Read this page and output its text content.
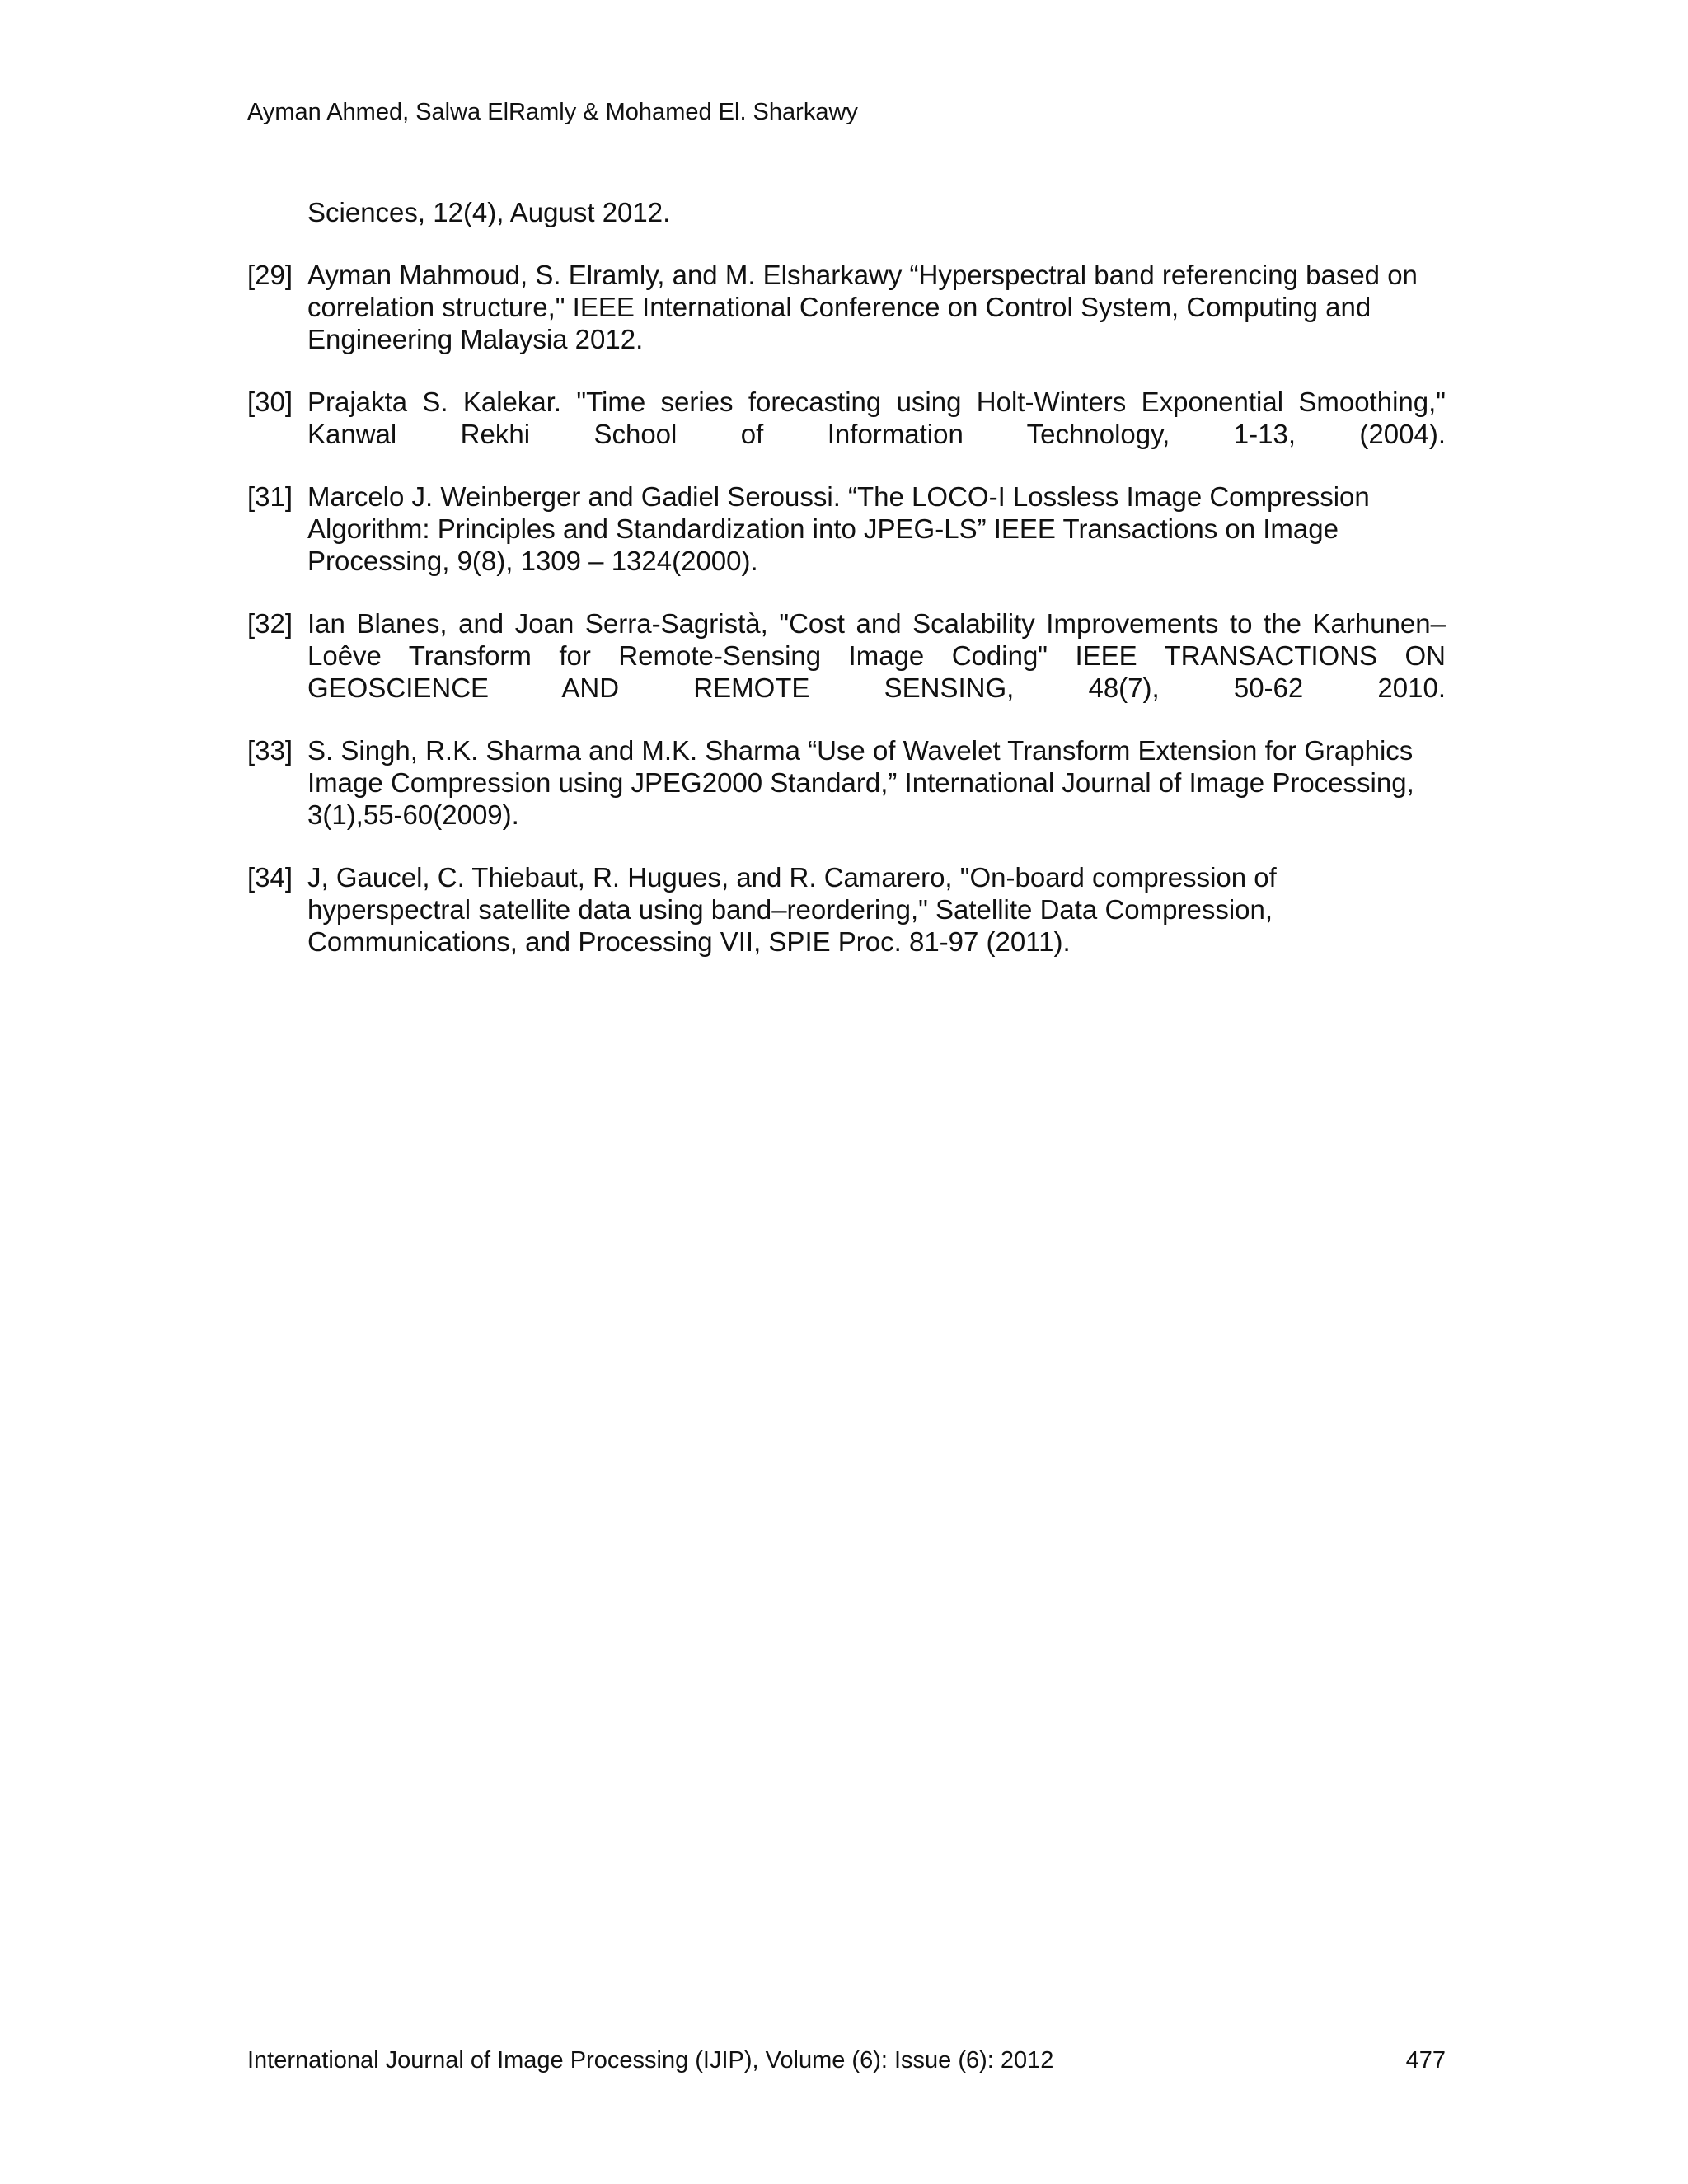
Ayman Ahmed, Salwa ElRamly & Mohamed El. Sharkawy
Sciences, 12(4), August 2012.
[29] Ayman Mahmoud, S. Elramly, and M. Elsharkawy “Hyperspectral band referencing based on correlation structure," IEEE International Conference on Control System, Computing and Engineering Malaysia 2012.
[30] Prajakta S. Kalekar. "Time series forecasting using Holt-Winters Exponential Smoothing," Kanwal Rekhi School of Information Technology, 1-13, (2004).
[31] Marcelo J. Weinberger and Gadiel Seroussi. “The LOCO-I Lossless Image Compression Algorithm: Principles and Standardization into JPEG-LS” IEEE Transactions on Image Processing, 9(8), 1309 – 1324(2000).
[32] Ian Blanes, and Joan Serra-Sagristà, "Cost and Scalability Improvements to the Karhunen–Loêve Transform for Remote-Sensing Image Coding" IEEE TRANSACTIONS ON GEOSCIENCE AND REMOTE SENSING, 48(7), 50-62 2010.
[33] S. Singh, R.K. Sharma and M.K. Sharma “Use of Wavelet Transform Extension for Graphics Image Compression using JPEG2000 Standard,” International Journal of Image Processing, 3(1),55-60(2009).
[34] J, Gaucel, C. Thiebaut, R. Hugues, and R. Camarero, "On-board compression of hyperspectral satellite data using band–reordering," Satellite Data Compression, Communications, and Processing VII, SPIE Proc. 81-97 (2011).
International Journal of Image Processing (IJIP), Volume (6): Issue (6): 2012	477
